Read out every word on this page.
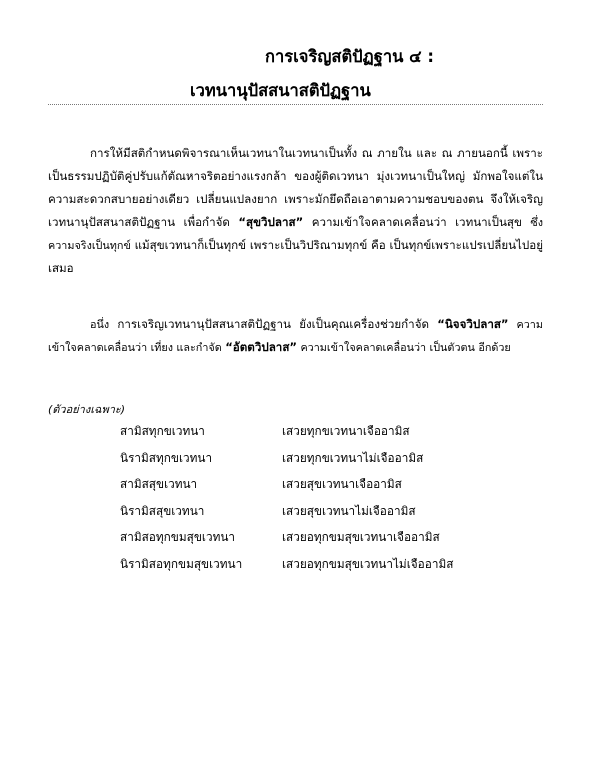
การเจริญสติปัฏฐาน ๔ :
เวทนานุปัสสนาสติปัฏฐาน

การให้มีสติกำหนดพิจารณาเห็นเวทนาในเวทนาเป็นทั้ง ณ ภายใน และ ณ ภายนอกนี้ เพราะเป็นธรรมปฏิบัติคู่ปรับแก้ตัณหาจริตอย่างแรงกล้า ของผู้ติดเวทนา มุ่งเวทนาเป็นใหญ่ มักพอใจแต่ในความสะดวกสบายอย่างเดียว เปลี่ยนแปลงยาก เพราะมักยึดถือเอาตามความชอบของตน จึงให้เจริญเวทนานุปัสสนาสติปัฏฐาน เพื่อกำจัด “สุขวิปลาส” ความเข้าใจคลาดเคลื่อนว่า เวทนาเป็นสุข ซึ่งความจริงเป็นทุกข์ แม้สุขเวทนาก็เป็นทุกข์ เพราะเป็นวิปริณามทุกข์ คือ เป็นทุกข์เพราะแปรเปลี่ยนไปอยู่เสมอ

อนึ่ง การเจริญเวทนานุปัสสนาสติปัฏฐาน ยังเป็นคุณเครื่องช่วยกำจัด “นิจจวิปลาส” ความเข้าใจคลาดเคลื่อนว่า เที่ยง และกำจัด “อัตตวิปลาส” ความเข้าใจคลาดเคลื่อนว่า เป็นตัวตน อีกด้วย

(ตัวอย่างเฉพาะ)
สามิสทุกขเวทนา	เสวยทุกขเวทนาเจืออามิส
นิรามิสทุกขเวทนา	เสวยทุกขเวทนาไม่เจืออามิส
สามิสสุขเวทนา	เสวยสุขเวทนาเจืออามิส
นิรามิสสุขเวทนา	เสวยสุขเวทนาไม่เจืออามิส
สามิสอทุกขมสุขเวทนา	เสวยอทุกขมสุขเวทนาเจืออามิส
นิรามิสอทุกขมสุขเวทนา	เสวยอทุกขมสุขเวทนาไม่เจืออามิส
